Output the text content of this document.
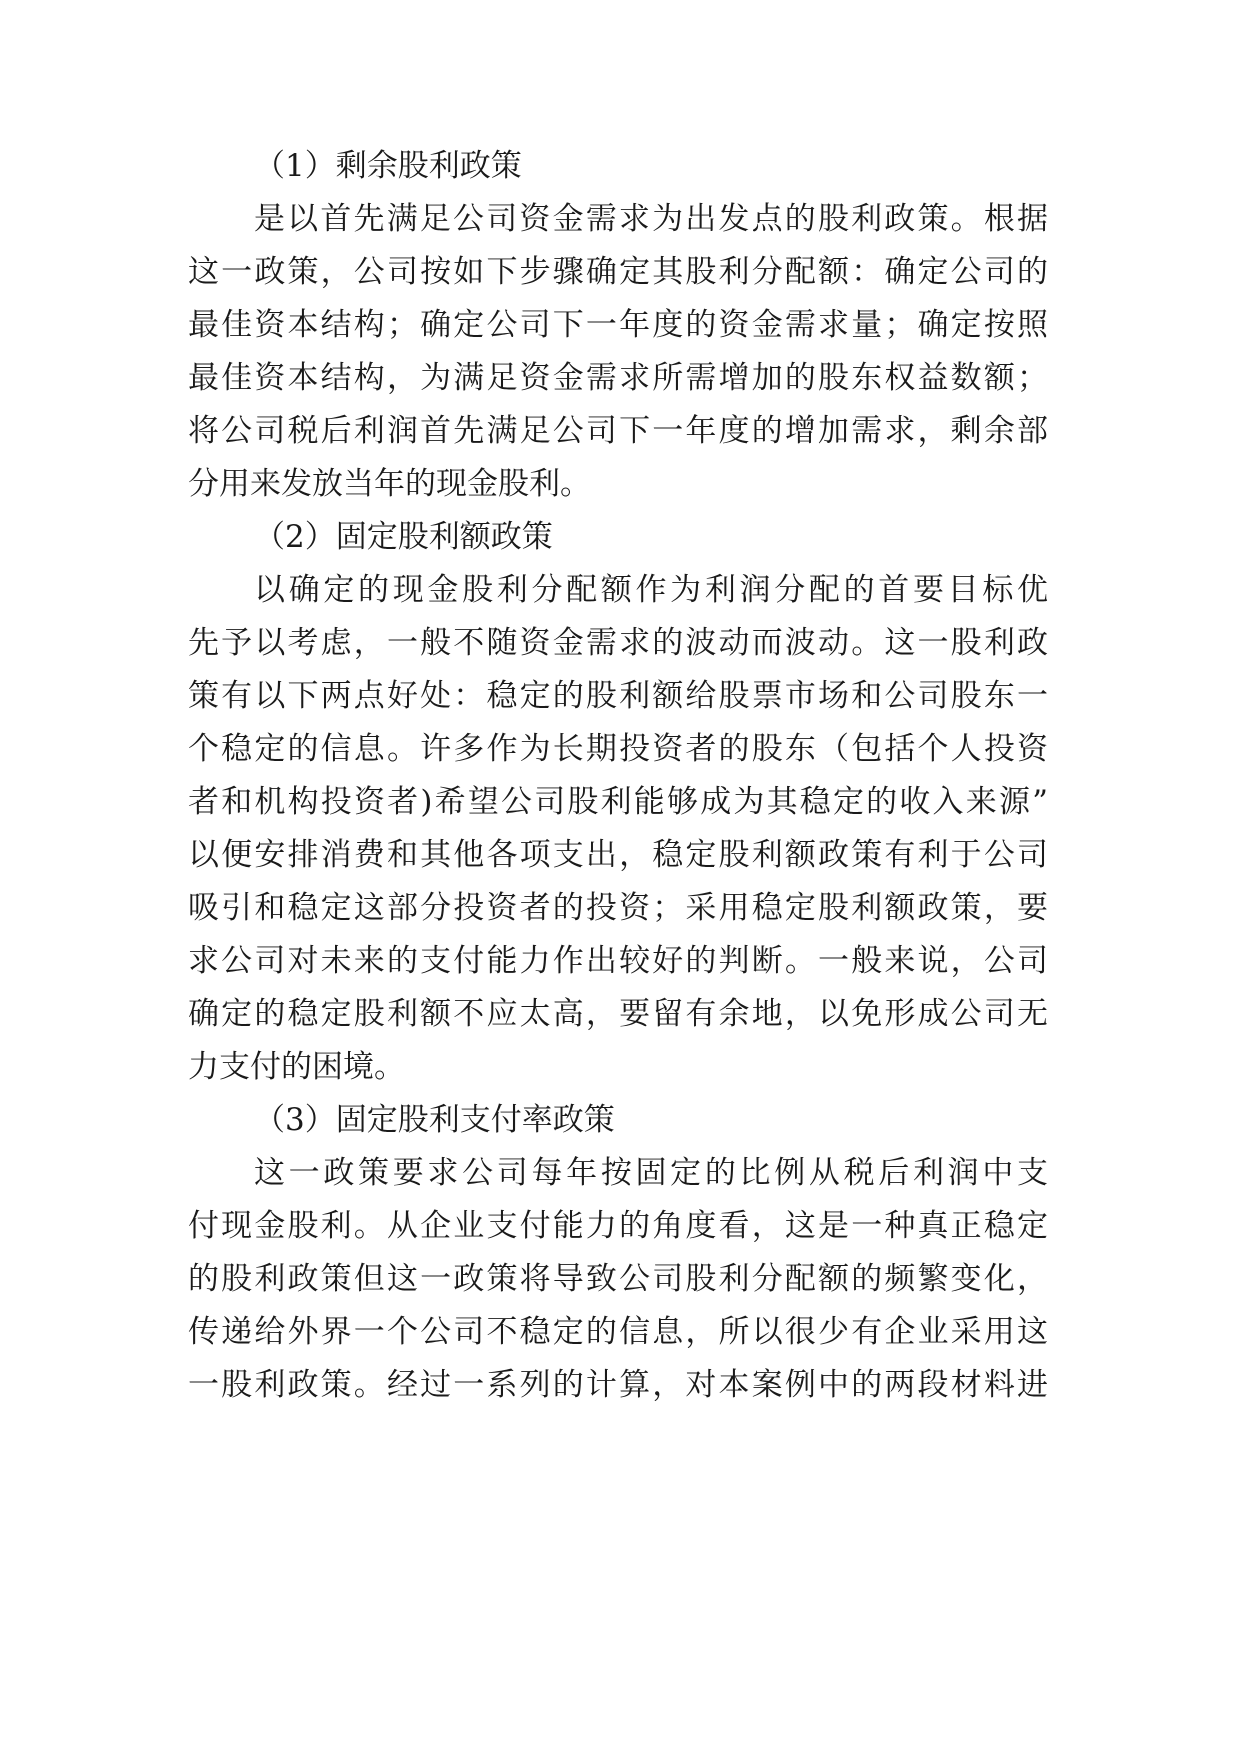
（1）剩余股利政策
是以首先满足公司资金需求为出发点的股利政策。根据
这一政策，公司按如下步骤确定其股利分配额：确定公司的
最佳资本结构；确定公司下一年度的资金需求量；确定按照
最佳资本结构，为满足资金需求所需增加的股东权益数额；
将公司税后利润首先满足公司下一年度的增加需求，剩余部
分用来发放当年的现金股利。
（2）固定股利额政策
以确定的现金股利分配额作为利润分配的首要目标优
先予以考虑，一般不随资金需求的波动而波动。这一股利政
策有以下两点好处：稳定的股利额给股票市场和公司股东一
个稳定的信息。许多作为长期投资者的股东（包括个人投资
者和机构投资者)希望公司股利能够成为其稳定的收入来源”
以便安排消费和其他各项支出，稳定股利额政策有利于公司
吸引和稳定这部分投资者的投资；采用稳定股利额政策，要
求公司对未来的支付能力作出较好的判断。一般来说，公司
确定的稳定股利额不应太高，要留有余地，以免形成公司无
力支付的困境。
（3）固定股利支付率政策
这一政策要求公司每年按固定的比例从税后利润中支
付现金股利。从企业支付能力的角度看，这是一种真正稳定
的股利政策但这一政策将导致公司股利分配额的频繁变化，
传递给外界一个公司不稳定的信息，所以很少有企业采用这
一股利政策。经过一系列的计算，对本案例中的两段材料进
